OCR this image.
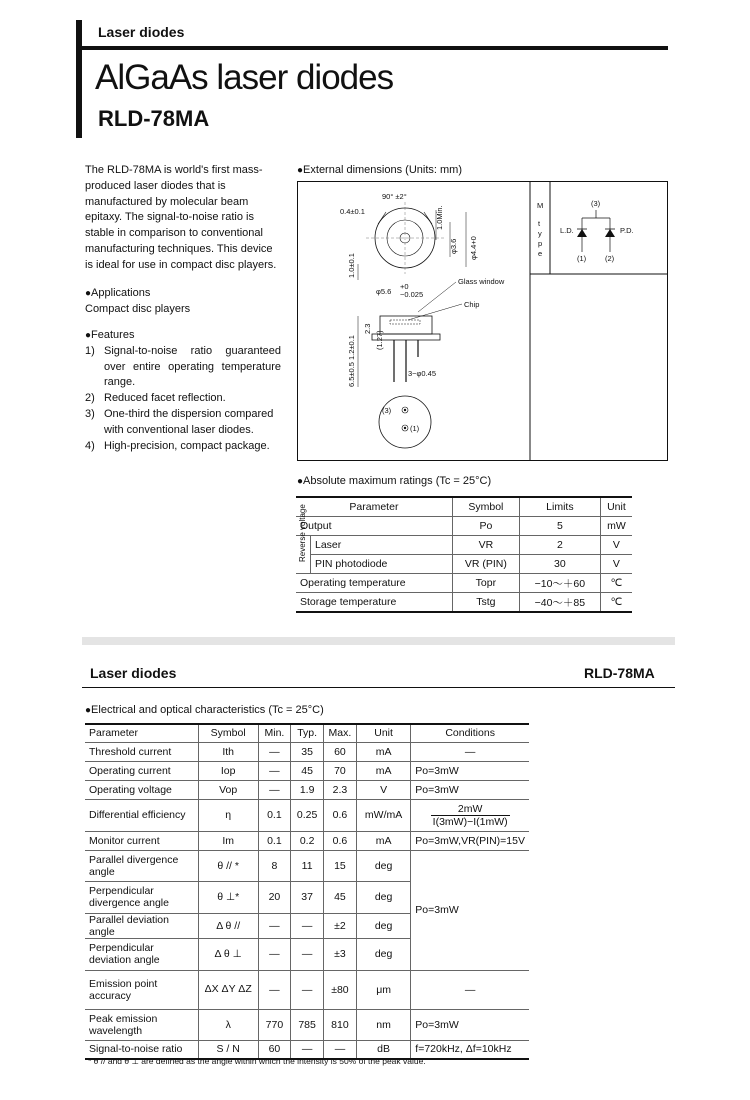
Laser diodes
AlGaAs laser diodes
RLD-78MA
The RLD-78MA is world's first mass-produced laser diodes that is manufactured by molecular beam epitaxy. The signal-to-noise ratio is stable in comparison to conventional manufacturing techniques. This device is ideal for use in compact disc players.
● Applications
Compact disc players
● Features
1) Signal-to-noise ratio guaranteed over entire operating temperature range.
2) Reduced facet reflection.
3) One-third the dispersion compared with conventional laser diodes.
4) High-precision, compact package.
● External dimensions (Units: mm)
90° ±2°
0.4±0.1	1.0Min.
φ3.6 φ4.4+0
1.0±0.1
φ5.6
+0
−0.025
Glass window
Chip
1.2±0.1
2.3
(1.27)
6.5±0.5	3−φ0.45
(3)
(1)
M
t
y
p
e
(3)
L.D.	P.D.
(1)	(2)
● Absolute maximum ratings (Tc = 25°C)
Parameter		Symbol	Limits	Unit
Output		Po	5	mW

Reverse voltage	Laser	VR	2	V
	PIN photodiode	VR (PIN)	30	V
Operating temperature		Topr	−10～＋60	℃
Storage temperature		Tstg	−40～＋85	℃
Laser diodes	RLD-78MA
● Electrical and optical characteristics (Tc = 25°C)
Parameter	Symbol	Min.	Typ.	Max.	Unit	Conditions
Threshold current	Ith	—	35	60	mA	—
Operating current	Iop	—	45	70	mA	Po=3mW
Operating voltage	Vop	—	1.9	2.3	V	Po=3mW
Differential efficiency	η	0.1	0.25	0.6	mW/mA	$\frac{2mW}{I(3mW)-I(1mW)}$

Monitor current	Im	0.1	0.2	0.6	mA	Po=3mW,VR(PIN)=15V
Parallel divergence angle	θ // *	8	11	15	deg	Po=3mW
Perpendicular divergence angle	θ ⊥*	20	37	45	deg	
Parallel deviation angle	Δ θ //	—	—	±2	deg	
Perpendicular deviation angle	Δ θ ⊥	—	—	±3	deg	
Emission point accuracy	ΔX ΔY ΔZ	—	—	±80	μm	—
Peak emission wavelength	λ	770	785	810	nm	Po=3mW
Signal-to-noise ratio	S / N	60	—	—	dB	f=720kHz, Δf=10kHz
* θ // and θ ⊥ are defined as the angle within which the intensity is 50% of the peak value.
